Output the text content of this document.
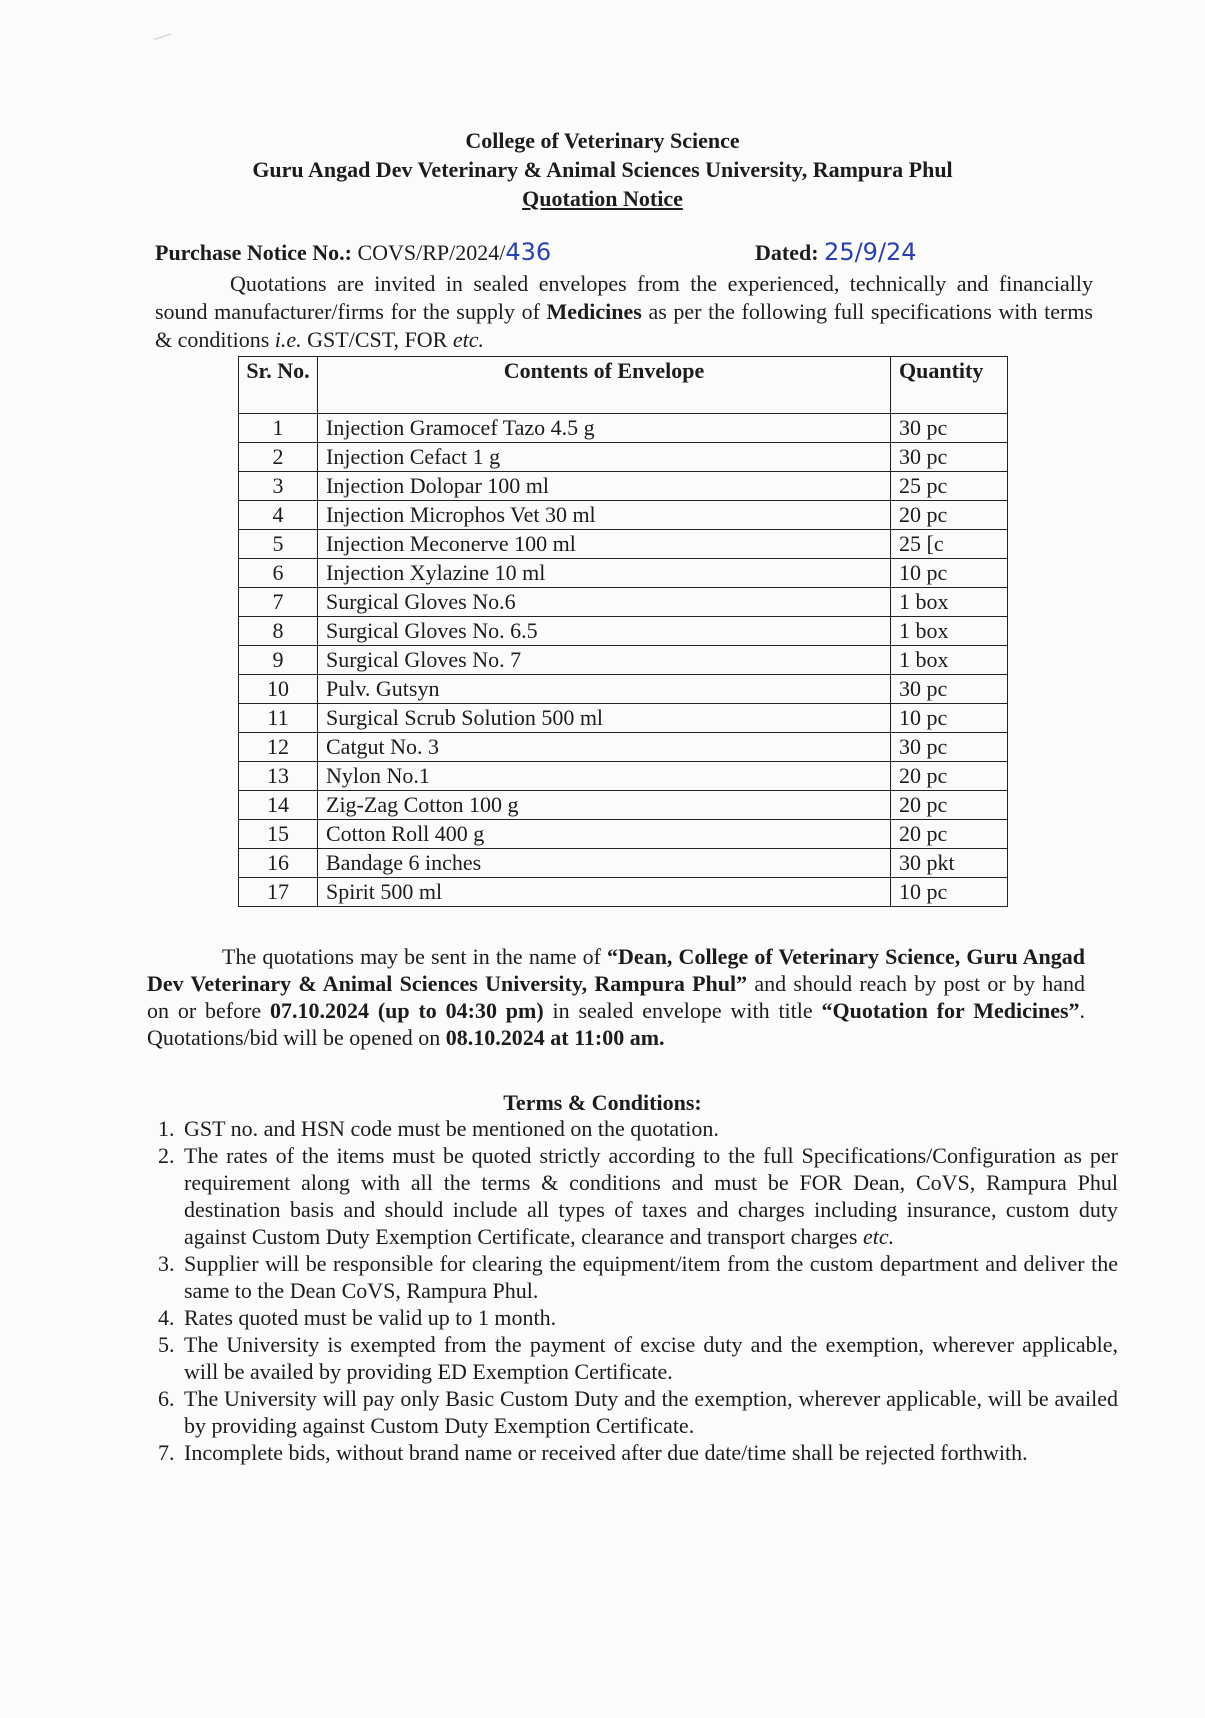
College of Veterinary Science
Guru Angad Dev Veterinary & Animal Sciences University, Rampura Phul
Quotation Notice
Purchase Notice No.: COVS/RP/2024/436	Dated: 25/9/24
Quotations are invited in sealed envelopes from the experienced, technically and financially sound manufacturer/firms for the supply of Medicines as per the following full specifications with terms & conditions i.e. GST/CST, FOR etc.
Sr. No.	Contents of Envelope	Quantity
1	Injection Gramocef Tazo 4.5 g	30 pc
2	Injection Cefact 1 g	30 pc
3	Injection Dolopar 100 ml	25 pc
4	Injection Microphos Vet 30 ml	20 pc
5	Injection Meconerve 100 ml	25 [c
6	Injection Xylazine 10 ml	10 pc
7	Surgical Gloves No.6	1 box
8	Surgical Gloves No. 6.5	1 box
9	Surgical Gloves No. 7	1 box
10	Pulv. Gutsyn	30 pc
11	Surgical Scrub Solution 500 ml	10 pc
12	Catgut No. 3	30 pc
13	Nylon No.1	20 pc
14	Zig-Zag Cotton 100 g	20 pc
15	Cotton Roll 400 g	20 pc
16	Bandage 6 inches	30 pkt
17	Spirit 500 ml	10 pc
The quotations may be sent in the name of “Dean, College of Veterinary Science, Guru Angad Dev Veterinary & Animal Sciences University, Rampura Phul” and should reach by post or by hand on or before 07.10.2024 (up to 04:30 pm) in sealed envelope with title “Quotation for Medicines”. Quotations/bid will be opened on 08.10.2024 at 11:00 am.
Terms & Conditions:
1. GST no. and HSN code must be mentioned on the quotation.
2. The rates of the items must be quoted strictly according to the full Specifications/Configuration as per requirement along with all the terms & conditions and must be FOR Dean, CoVS, Rampura Phul destination basis and should include all types of taxes and charges including insurance, custom duty against Custom Duty Exemption Certificate, clearance and transport charges etc.
3. Supplier will be responsible for clearing the equipment/item from the custom department and deliver the same to the Dean CoVS, Rampura Phul.
4. Rates quoted must be valid up to 1 month.
5. The University is exempted from the payment of excise duty and the exemption, wherever applicable, will be availed by providing ED Exemption Certificate.
6. The University will pay only Basic Custom Duty and the exemption, wherever applicable, will be availed by providing against Custom Duty Exemption Certificate.
7. Incomplete bids, without brand name or received after due date/time shall be rejected forthwith.
